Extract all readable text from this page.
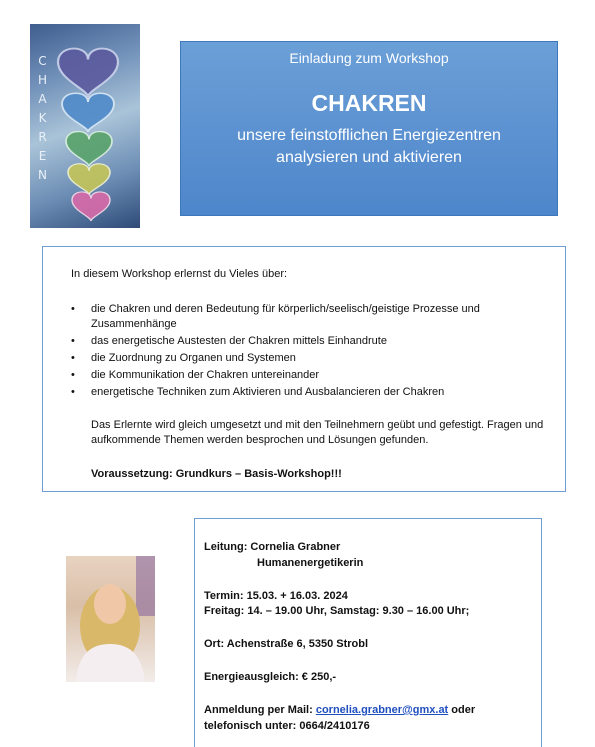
C
H
A
K
R
E
N
Einladung zum Workshop
CHAKREN
unsere feinstofflichen Energiezentren
analysieren und aktivieren
In diesem Workshop erlernst du Vieles über:
• die Chakren und deren Bedeutung für körperlich/seelisch/geistige Prozesse und Zusammenhänge
• das energetische Austesten der Chakren mittels Einhandrute
• die Zuordnung zu Organen und Systemen
• die Kommunikation der Chakren untereinander
• energetische Techniken zum Aktivieren und Ausbalancieren der Chakren
Das Erlernte wird gleich umgesetzt und mit den Teilnehmern geübt und gefestigt. Fragen und aufkommende Themen werden besprochen und Lösungen gefunden.
Voraussetzung: Grundkurs – Basis-Workshop!!!
Leitung: Cornelia Grabner
Humanenergetikerin
Termin: 15.03. + 16.03. 2024
Freitag: 14. – 19.00 Uhr, Samstag: 9.30 – 16.00 Uhr;
Ort: Achenstraße 6, 5350 Strobl
Energieausgleich: € 250,-
Anmeldung per Mail: cornelia.grabner@gmx.at oder
telefonisch unter: 0664/2410176
